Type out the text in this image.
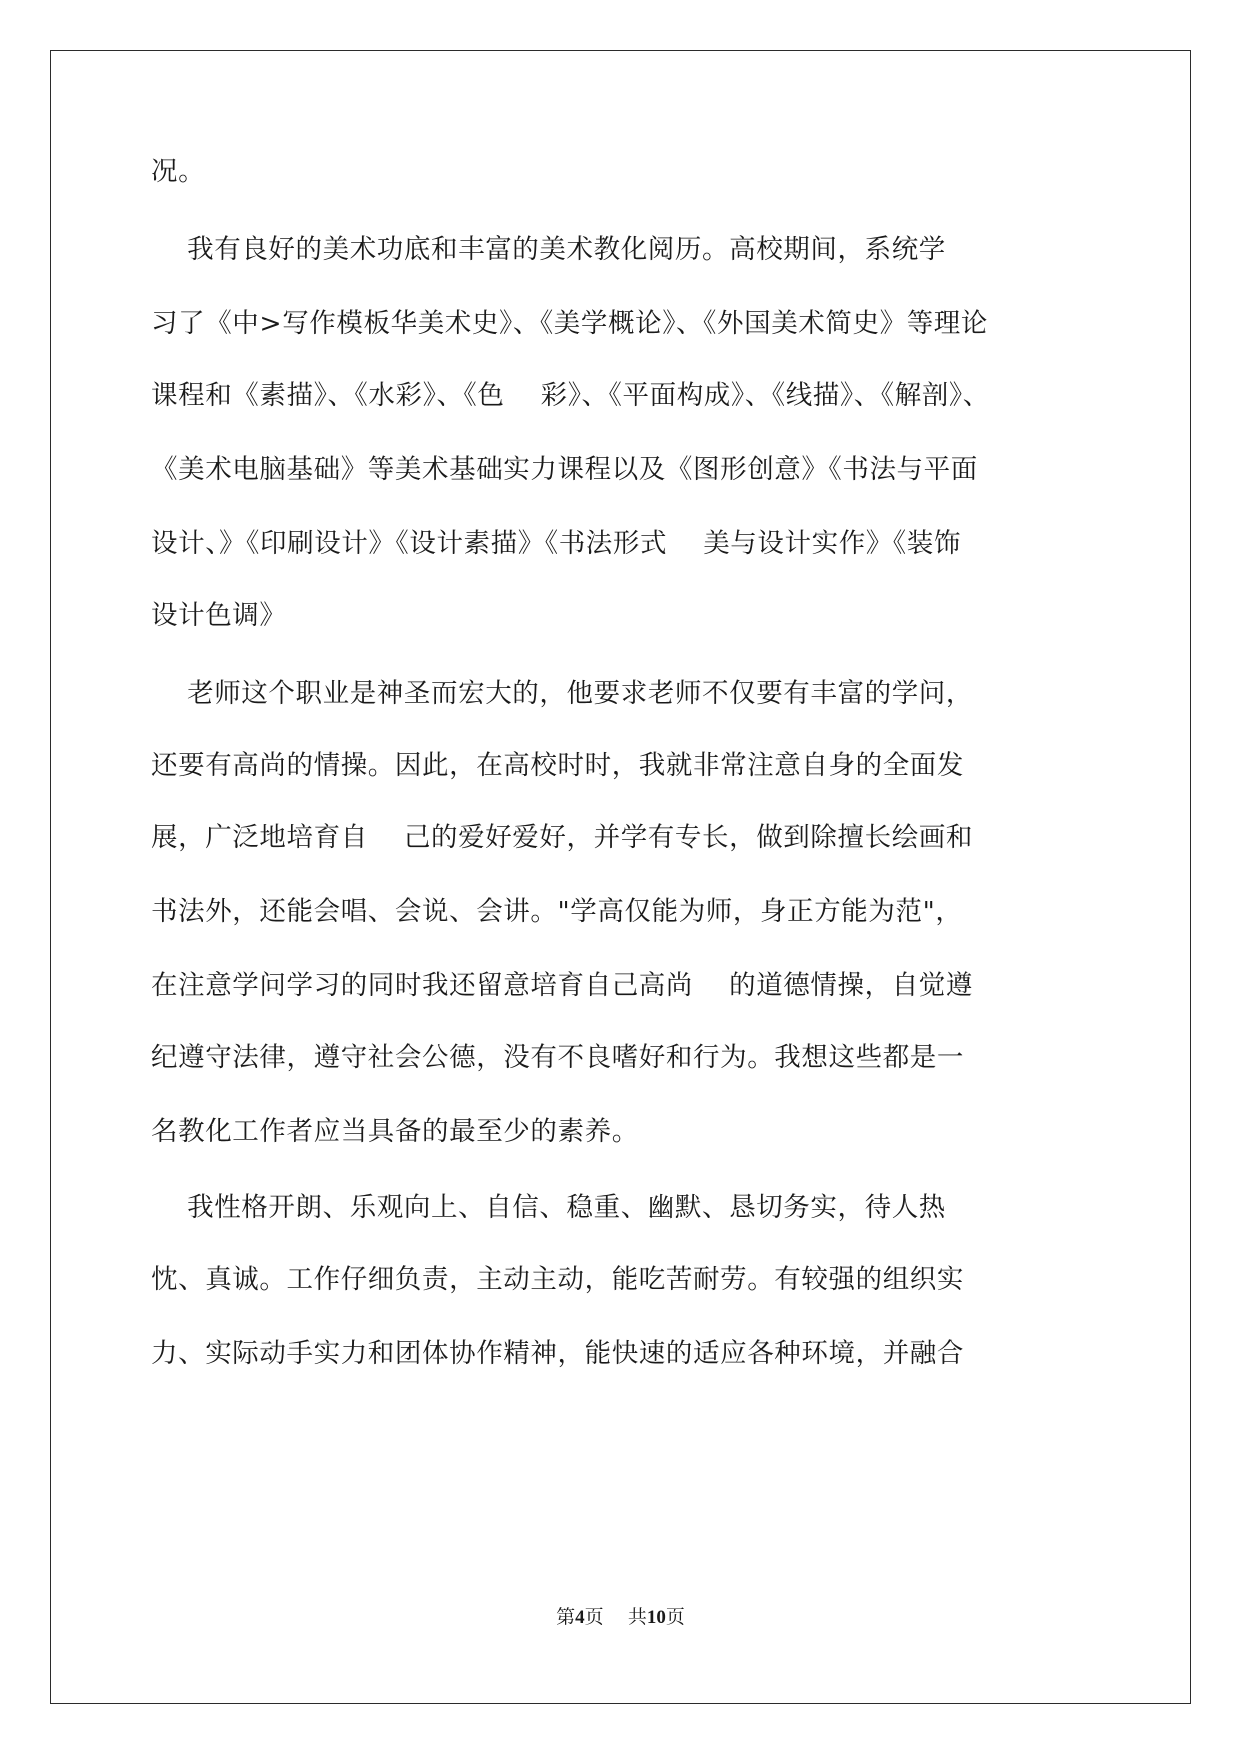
况。
我有良好的美术功底和丰富的美术教化阅历。高校期间，系统学
习了《中>写作模板华美术史》、《美学概论》、《外国美术简史》等理论
课程和《素描》、《水彩》、《色    彩》、《平面构成》、《线描》、《解剖》、
《美术电脑基础》等美术基础实力课程以及《图形创意》《书法与平面
设计、》《印刷设计》《设计素描》《书法形式    美与设计实作》《装饰
设计色调》
老师这个职业是神圣而宏大的，他要求老师不仅要有丰富的学问，
还要有高尚的情操。因此，在高校时时，我就非常注意自身的全面发
展，广泛地培育自    己的爱好爱好，并学有专长，做到除擅长绘画和
书法外，还能会唱、会说、会讲。"学高仅能为师，身正方能为范"，
在注意学问学习的同时我还留意培育自己高尚    的道德情操，自觉遵
纪遵守法律，遵守社会公德，没有不良嗜好和行为。我想这些都是一
名教化工作者应当具备的最至少的素养。
我性格开朗、乐观向上、自信、稳重、幽默、恳切务实，待人热
忱、真诚。工作仔细负责，主动主动，能吃苦耐劳。有较强的组织实
力、实际动手实力和团体协作精神，能快速的适应各种环境，并融合
第4页 共10页
